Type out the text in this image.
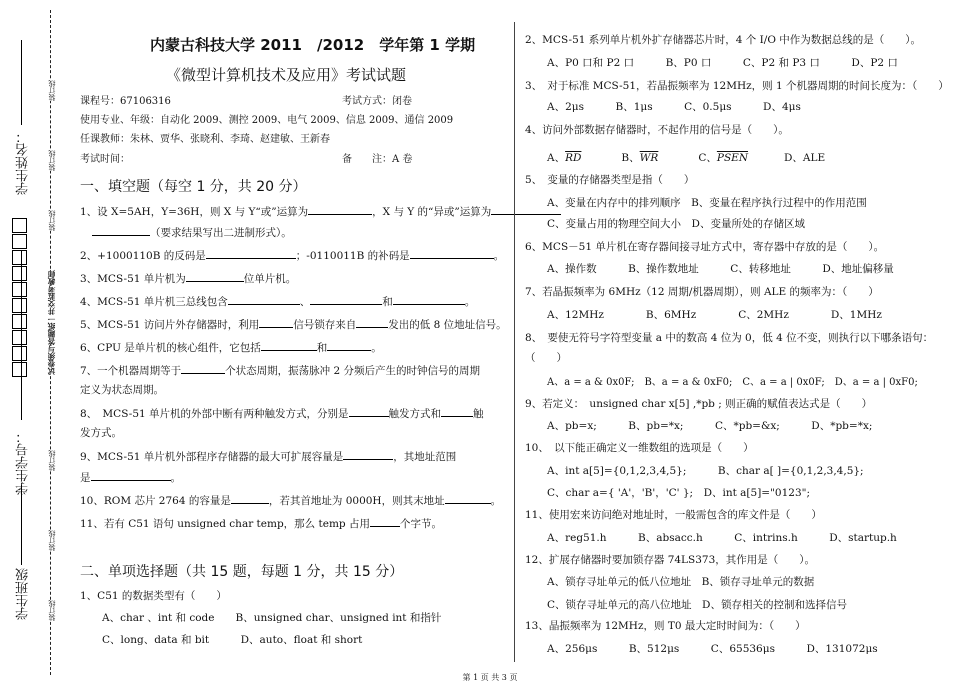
学生班级
学生学号：
学生姓名：
装订线
装订线
装订线
试卷须与答题纸一并交监考教师
装订线
装订线
装订线
内蒙古科技大学 2011　/2012　学年第 1 学期
《微型计算机技术及应用》考试试题
课程号：67106316	考试方式：闭卷
使用专业、年级：自动化 2009、测控 2009、电气 2009、信息 2009、通信 2009
任课教师：朱林、贾华、张晓利、李琦、赵建敏、王新春
考试时间：	备　　注：A 卷
一、填空题（每空 1 分，共 20 分）
1、设 X=5AH，Y=36H，则 X 与 Y“或”运算为	，X 与 Y 的“异或”运算为
（要求结果写出二进制形式）。
2、+1000110B 的反码是	；-0110011B 的补码是	。
3、MCS-51 单片机为	位单片机。
4、MCS-51 单片机三总线包含	、	和	。
5、MCS-51 访问片外存储器时，利用	信号锁存来自	发出的低 8 位地址信号。
6、CPU 是单片机的核心组件，它包括	和	。
7、一个机器周期等于	个状态周期，振荡脉冲 2 分频后产生的时钟信号的周期
定义为状态周期。
8、　MCS-51 单片机的外部中断有两种触发方式，分别是	触发方式和	触
发方式。
9、MCS-51 单片机外部程序存储器的最大可扩展容量是	，其地址范围
是	。
10、ROM 芯片 2764 的容量是	，若其首地址为 0000H，则其末地址	。
11、若有 C51 语句 unsigned char temp，那么 temp 占用	个字节。
二、单项选择题（共 15 题，每题 1 分，共 15 分）
1、C51 的数据类型有（　　）
A、char 、int 和 code　　B、unsigned char、unsigned int 和指针
C、long、data 和 bit　　　D、auto、float 和 short
2、MCS-51 系列单片机外扩存储器芯片时，4 个 I/O 中作为数据总线的是（　　）。
A、P0 口和 P2 口　　　B、P0 口　　　C、P2 和 P3 口　　　D、P2 口
3、　对于标准 MCS-51，若晶振频率为 12MHz，则 1 个机器周期的时间长度为：（　　）
A、2μs　　　B、1μs　　　C、0.5μs　　　D、4μs
4、访问外部数据存储器时，不起作用的信号是（　　）。
A、$\overline{RD}$	B、$\overline{WR}$	C、PSEN	D、ALE
5、　变量的存储器类型是指（　　）
A、变量在内存中的排列顺序　B、变量在程序执行过程中的作用范围
C、变量占用的物理空间大小　D、变量所处的存储区域
6、MCS－51 单片机在寄存器间接寻址方式中，寄存器中存放的是（　　）。
A、操作数　　　B、操作数地址　　　C、转移地址　　　D、地址偏移量
7、若晶振频率为 6MHz（12 周期/机器周期），则 ALE 的频率为：（　　）
A、12MHz　　　　B、6MHz　　　　C、2MHz　　　　D、1MHz
8、　要使无符号字符型变量 a 中的数高 4 位为 0，低 4 位不变，则执行以下哪条语句：
（　　）
A、a = a & 0x0F;　B、a = a & 0xF0;　C、a = a | 0x0F;　D、a = a | 0xF0;
9、若定义：　unsigned char x[5] ,*pb ; 则正确的赋值表达式是（　　）
A、pb=x;　　　B、pb=*x;　　　C、*pb=&x;　　　D、*pb=*x;
10、　以下能正确定义一维数组的选项是（　　）
A、int a[5]={0,1,2,3,4,5};　　　B、char a[ ]={0,1,2,3,4,5};
C、char a={ 'A'，'B'，'C' };　D、int a[5]="0123";
11、使用宏来访问绝对地址时，一般需包含的库文件是（　　）
A、reg51.h　　　B、absacc.h　　　C、intrins.h　　　D、startup.h
12、扩展存储器时要加锁存器 74LS373，其作用是（　　）。
A、锁存寻址单元的低八位地址　B、锁存寻址单元的数据
C、锁存寻址单元的高八位地址　D、锁存相关的控制和选择信号
13、晶振频率为 12MHz，则 T0 最大定时时间为：（　　）
A、256μs　　　B、512μs　　　C、65536μs　　　D、131072μs
第 1 页 共 3 页
